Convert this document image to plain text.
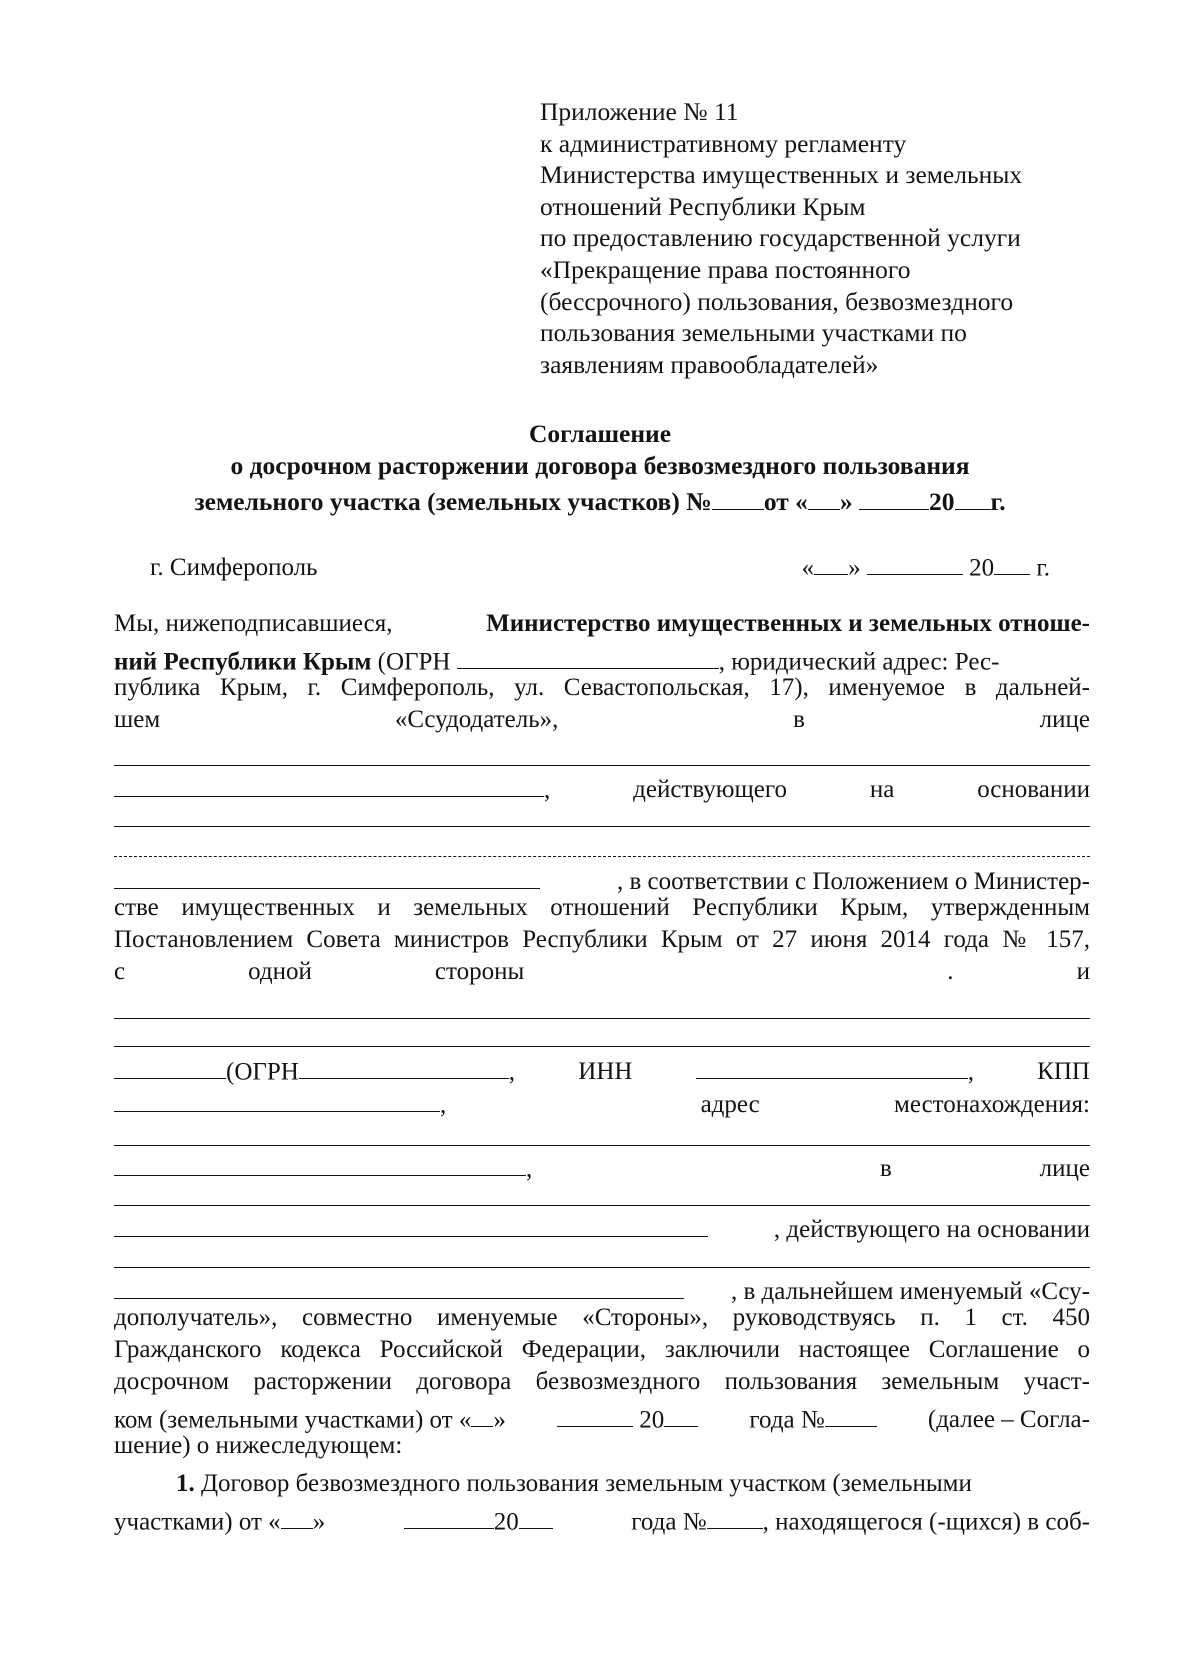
Приложение № 11
к административному регламенту
Министерства имущественных и земельных
отношений Республики Крым
по предоставлению государственной услуги
«Прекращение права постоянного
(бессрочного) пользования, безвозмездного
пользования земельными участками по
заявлениям правообладателей»
Соглашение
о досрочном расторжении договора безвозмездного пользования
земельного участка (земельных участков) № от « »	20 г.
г. Симферополь	« »	20 г.
Мы, нижеподписавшиеся,	Министерство имущественных и земельных отноше-
ний Республики Крым (ОГРН	, юридический адрес: Рес-
публика Крым, г. Симферополь, ул. Севастопольская, 17), именуемое в дальней-
шем	«Ссудодатель»,	в	лице
,	действующего	на	основании
, в соответствии с Положением о Министер-
стве имущественных и земельных отношений Республики Крым, утвержденным
Постановлением Совета министров Республики Крым от 27 июня 2014 года № 157,
с	одной	стороны	.	и
(ОГРН	,	ИНН	,	КПП
,	адрес	местонахождения:
,	в	лице
, действующего на основании
, в дальнейшем именуемый «Ссу-
дополучатель», совместно именуемые «Стороны», руководствуясь п. 1 ст. 450
Гражданского кодекса Российской Федерации, заключили настоящее Соглашение о
досрочном расторжении договора безвозмездного пользования земельным участ-
ком (земельными участками) от « »	20	года №	(далее – Согла-
шение) о нижеследующем:
1. Договор безвозмездного пользования земельным участком (земельными
участками) от « »	20	года № , находящегося (-щихся) в соб-
